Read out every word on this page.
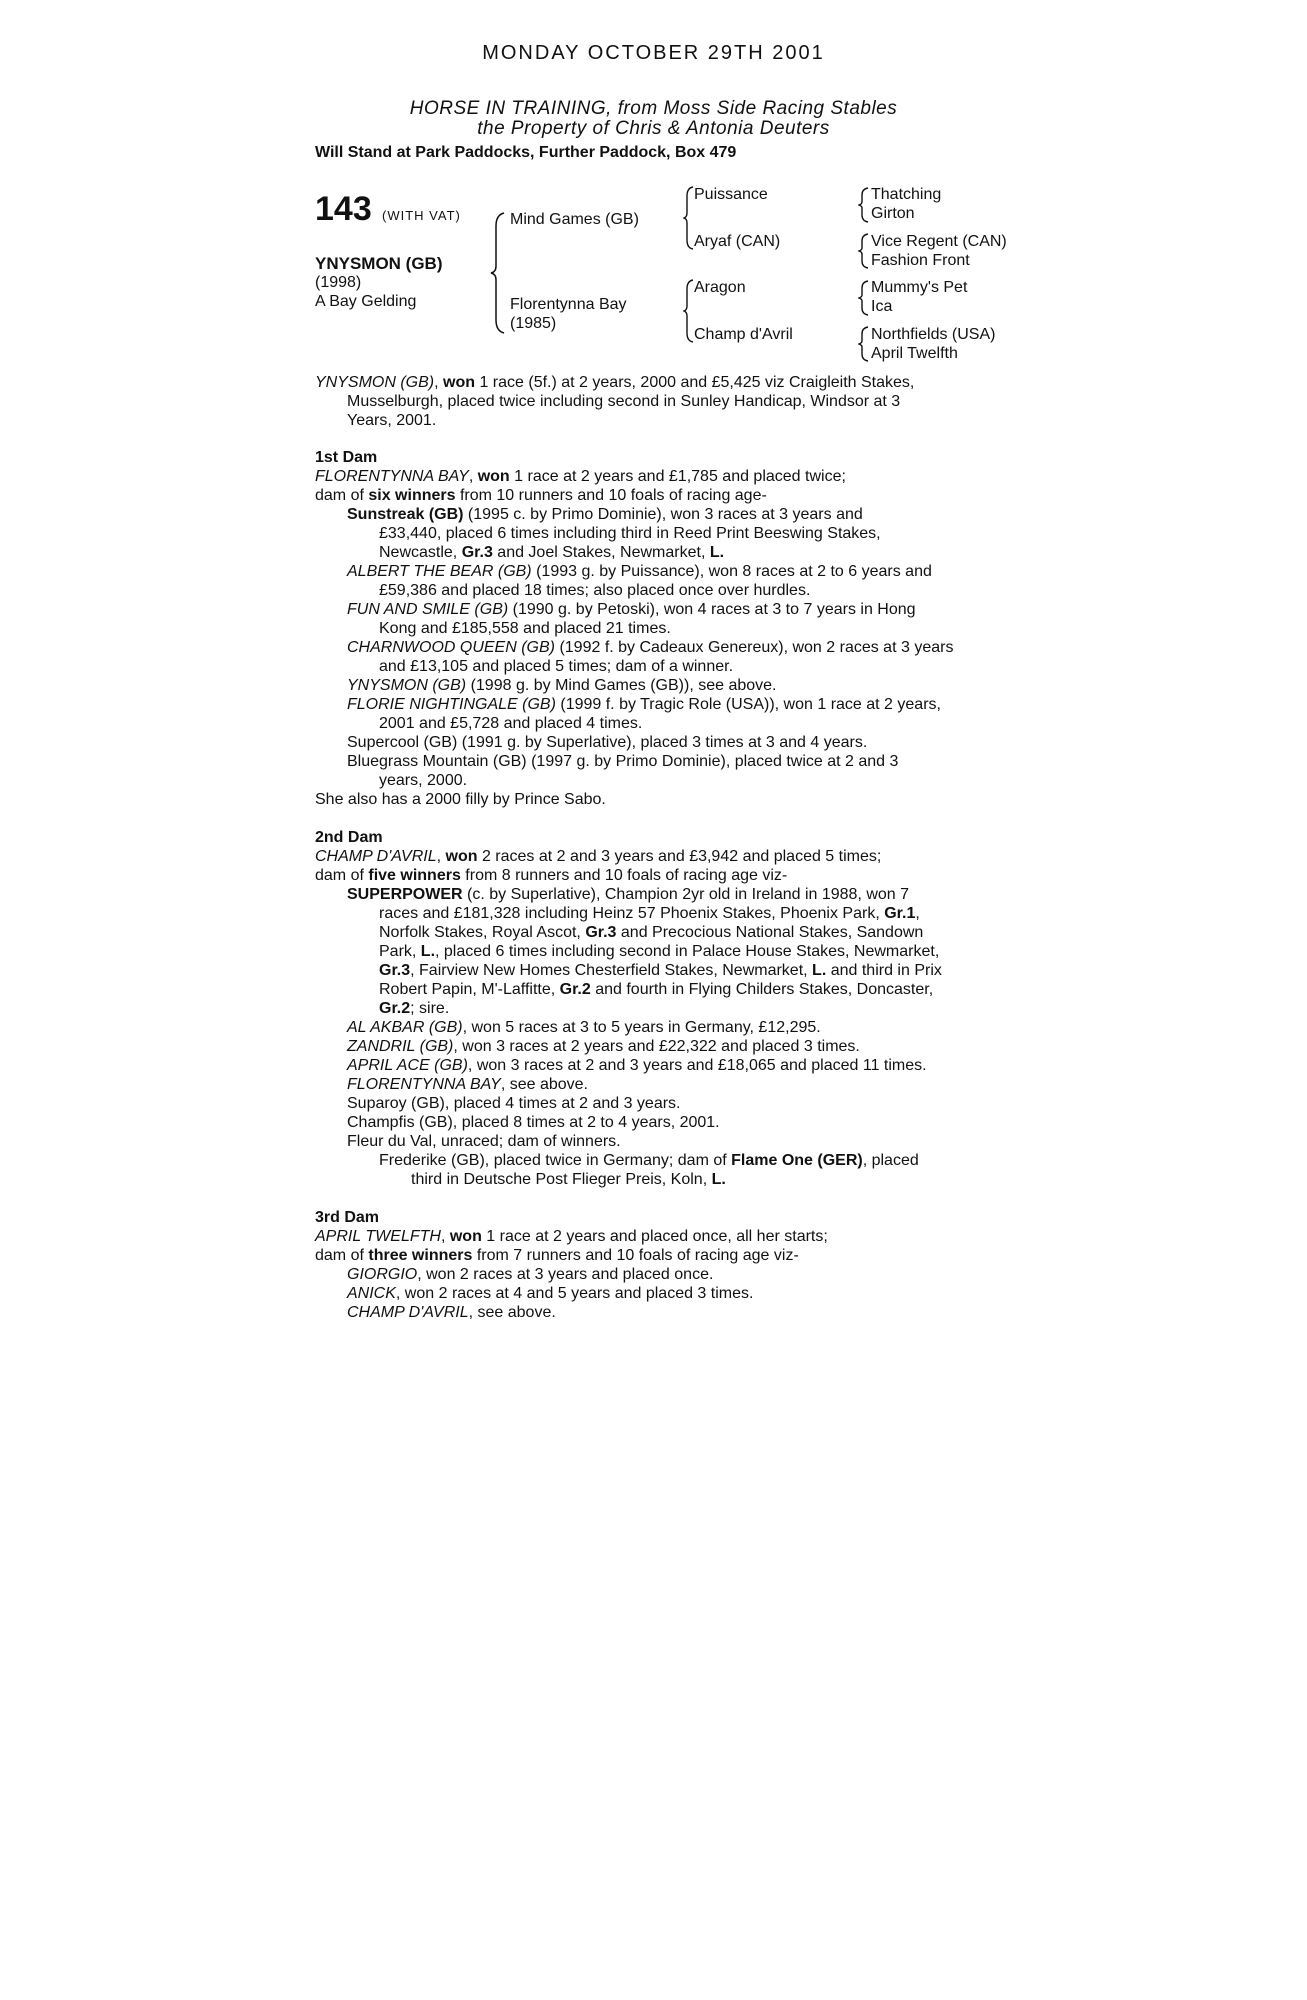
MONDAY OCTOBER 29TH 2001
HORSE IN TRAINING, from Moss Side Racing Stables
the Property of Chris & Antonia Deuters
Will Stand at Park Paddocks, Further Paddock, Box 479
143 (WITH VAT)
YNYSMON (GB)
(1998)
A Bay Gelding
Mind Games (GB)
Florentynna Bay
(1985)
Puissance
Aryaf (CAN)
Aragon
Champ d'Avril
Thatching
Girton
Vice Regent (CAN)
Fashion Front
Mummy's Pet
Ica
Northfields (USA)
April Twelfth
YNYSMON (GB), won 1 race (5f.) at 2 years, 2000 and £5,425 viz Craigleith Stakes,
Musselburgh, placed twice including second in Sunley Handicap, Windsor at 3
Years, 2001.
1st Dam
FLORENTYNNA BAY, won 1 race at 2 years and £1,785 and placed twice;
dam of six winners from 10 runners and 10 foals of racing age-
Sunstreak (GB) (1995 c. by Primo Dominie), won 3 races at 3 years and
£33,440, placed 6 times including third in Reed Print Beeswing Stakes,
Newcastle, Gr.3 and Joel Stakes, Newmarket, L.
ALBERT THE BEAR (GB) (1993 g. by Puissance), won 8 races at 2 to 6 years and
£59,386 and placed 18 times; also placed once over hurdles.
FUN AND SMILE (GB) (1990 g. by Petoski), won 4 races at 3 to 7 years in Hong
Kong and £185,558 and placed 21 times.
CHARNWOOD QUEEN (GB) (1992 f. by Cadeaux Genereux), won 2 races at 3 years
and £13,105 and placed 5 times; dam of a winner.
YNYSMON (GB) (1998 g. by Mind Games (GB)), see above.
FLORIE NIGHTINGALE (GB) (1999 f. by Tragic Role (USA)), won 1 race at 2 years,
2001 and £5,728 and placed 4 times.
Supercool (GB) (1991 g. by Superlative), placed 3 times at 3 and 4 years.
Bluegrass Mountain (GB) (1997 g. by Primo Dominie), placed twice at 2 and 3
years, 2000.
She also has a 2000 filly by Prince Sabo.
2nd Dam
CHAMP D'AVRIL, won 2 races at 2 and 3 years and £3,942 and placed 5 times;
dam of five winners from 8 runners and 10 foals of racing age viz-
SUPERPOWER (c. by Superlative), Champion 2yr old in Ireland in 1988, won 7
races and £181,328 including Heinz 57 Phoenix Stakes, Phoenix Park, Gr.1,
Norfolk Stakes, Royal Ascot, Gr.3 and Precocious National Stakes, Sandown
Park, L., placed 6 times including second in Palace House Stakes, Newmarket,
Gr.3, Fairview New Homes Chesterfield Stakes, Newmarket, L. and third in Prix
Robert Papin, M'-Laffitte, Gr.2 and fourth in Flying Childers Stakes, Doncaster,
Gr.2; sire.
AL AKBAR (GB), won 5 races at 3 to 5 years in Germany, £12,295.
ZANDRIL (GB), won 3 races at 2 years and £22,322 and placed 3 times.
APRIL ACE (GB), won 3 races at 2 and 3 years and £18,065 and placed 11 times.
FLORENTYNNA BAY, see above.
Suparoy (GB), placed 4 times at 2 and 3 years.
Champfis (GB), placed 8 times at 2 to 4 years, 2001.
Fleur du Val, unraced; dam of winners.
Frederike (GB), placed twice in Germany; dam of Flame One (GER), placed
third in Deutsche Post Flieger Preis, Koln, L.
3rd Dam
APRIL TWELFTH, won 1 race at 2 years and placed once, all her starts;
dam of three winners from 7 runners and 10 foals of racing age viz-
GIORGIO, won 2 races at 3 years and placed once.
ANICK, won 2 races at 4 and 5 years and placed 3 times.
CHAMP D'AVRIL, see above.
